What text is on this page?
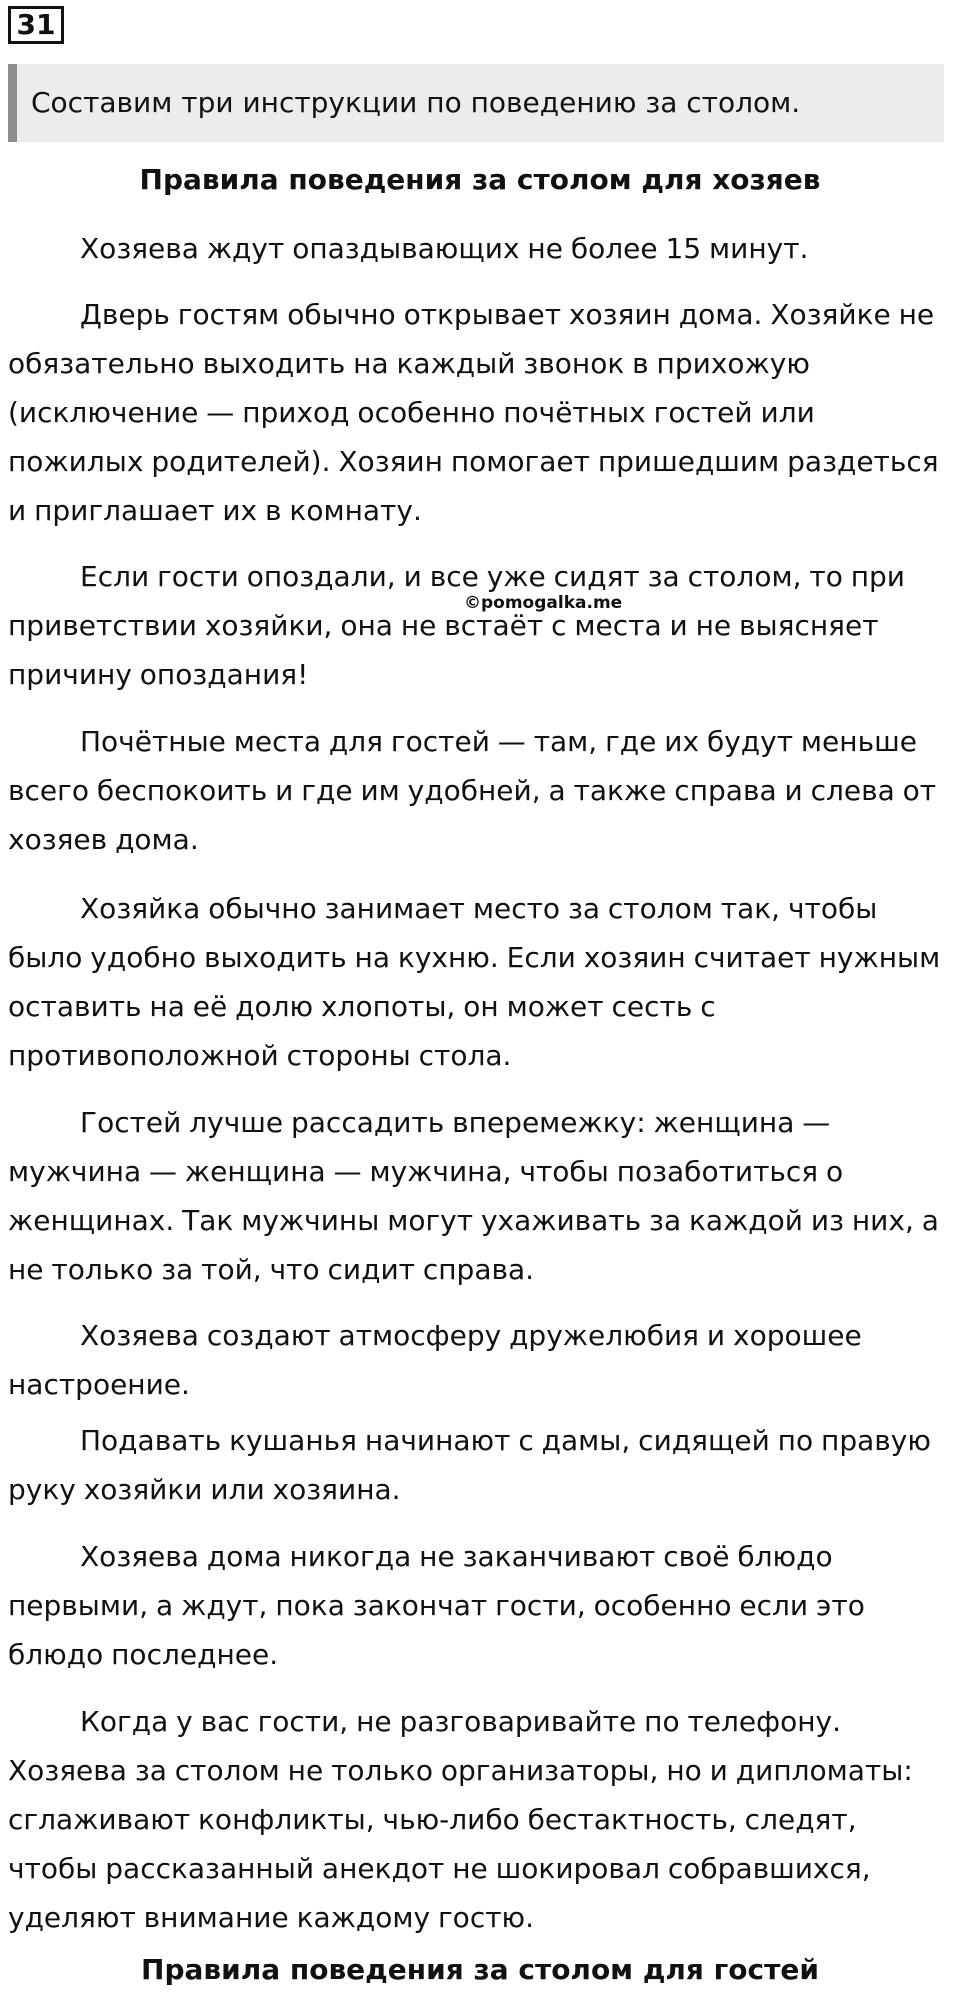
31
Составим три инструкции по поведению за столом.
Правила поведения за столом для хозяев

Хозяева ждут опаздывающих не более 15 минут.

Дверь гостям обычно открывает хозяин дома. Хозяйке не обязательно выходить на каждый звонок в прихожую (исключение — приход особенно почётных гостей или пожилых родителей). Хозяин помогает пришедшим раздеться и приглашает их в комнату.

Если гости опоздали, и все уже сидят за столом, то при приветствии хозяйки, она не встаёт с места и не выясняет причину опоздания!

©pomogalka.me

Почётные места для гостей — там, где их будут меньше всего беспокоить и где им удобней, а также справа и слева от хозяев дома.

Хозяйка обычно занимает место за столом так, чтобы было удобно выходить на кухню. Если хозяин считает нужным оставить на её долю хлопоты, он может сесть с противоположной стороны стола.

Гостей лучше рассадить вперемежку: женщина — мужчина — женщина — мужчина, чтобы позаботиться о женщинах. Так мужчины могут ухаживать за каждой из них, а не только за той, что сидит справа.

Хозяева создают атмосферу дружелюбия и хорошее настроение.

Подавать кушанья начинают с дамы, сидящей по правую руку хозяйки или хозяина.

Хозяева дома никогда не заканчивают своё блюдо первыми, а ждут, пока закончат гости, особенно если это блюдо последнее.

Когда у вас гости, не разговаривайте по телефону. Хозяева за столом не только организаторы, но и дипломаты: сглаживают конфликты, чью-либо бестактность, следят, чтобы рассказанный анекдот не шокировал собравшихся, уделяют внимание каждому гостю.

Правила поведения за столом для гостей
